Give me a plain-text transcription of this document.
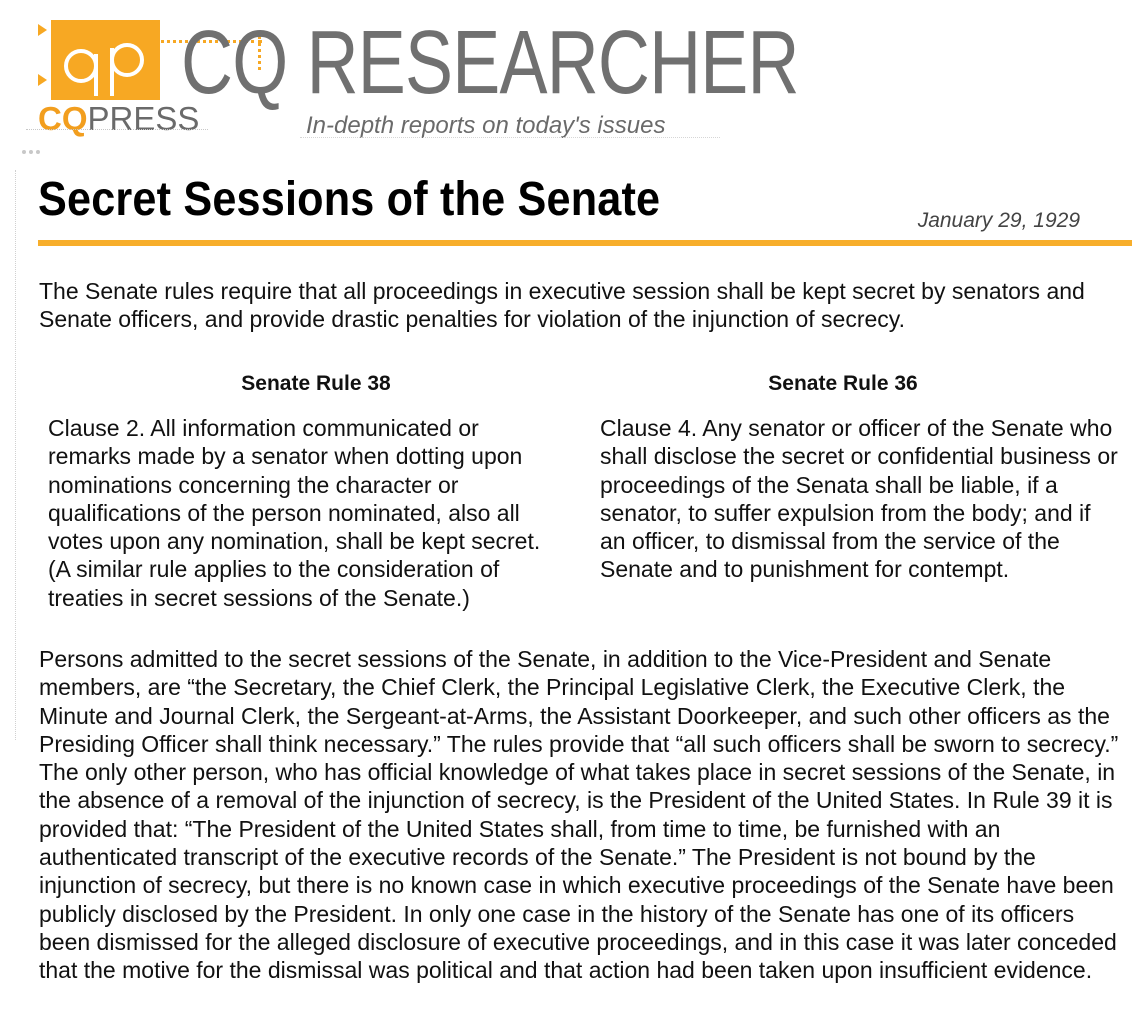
CQPRESS
CQ RESEARCHER
In-depth reports on today's issues
Secret Sessions of the Senate	January 29, 1929

The Senate rules require that all proceedings in executive session shall be kept secret by senators and Senate officers, and provide drastic penalties for violation of the injunction of secrecy.

Senate Rule 38
Clause 2. All information communicated or remarks made by a senator when dotting upon nominations concerning the character or qualifications of the person nominated, also all votes upon any nomination, shall be kept secret. (A similar rule applies to the consideration of treaties in secret sessions of the Senate.)
Senate Rule 36
Clause 4. Any senator or officer of the Senate who shall disclose the secret or confidential business or proceedings of the Senata shall be liable, if a senator, to suffer expulsion from the body; and if an officer, to dismissal from the service of the Senate and to punishment for contempt.

Persons admitted to the secret sessions of the Senate, in addition to the Vice-President and Senate members, are “the Secretary, the Chief Clerk, the Principal Legislative Clerk, the Executive Clerk, the Minute and Journal Clerk, the Sergeant-at-Arms, the Assistant Doorkeeper, and such other officers as the Presiding Officer shall think necessary.” The rules provide that “all such officers shall be sworn to secrecy.” The only other person, who has official knowledge of what takes place in secret sessions of the Senate, in the absence of a removal of the injunction of secrecy, is the President of the United States. In Rule 39 it is provided that: “The President of the United States shall, from time to time, be furnished with an authenticated transcript of the executive records of the Senate.” The President is not bound by the injunction of secrecy, but there is no known case in which executive proceedings of the Senate have been publicly disclosed by the President. In only one case in the history of the Senate has one of its officers been dismissed for the alleged disclosure of executive proceedings, and in this case it was later conceded that the motive for the dismissal was political and that action had been taken upon insufficient evidence.
